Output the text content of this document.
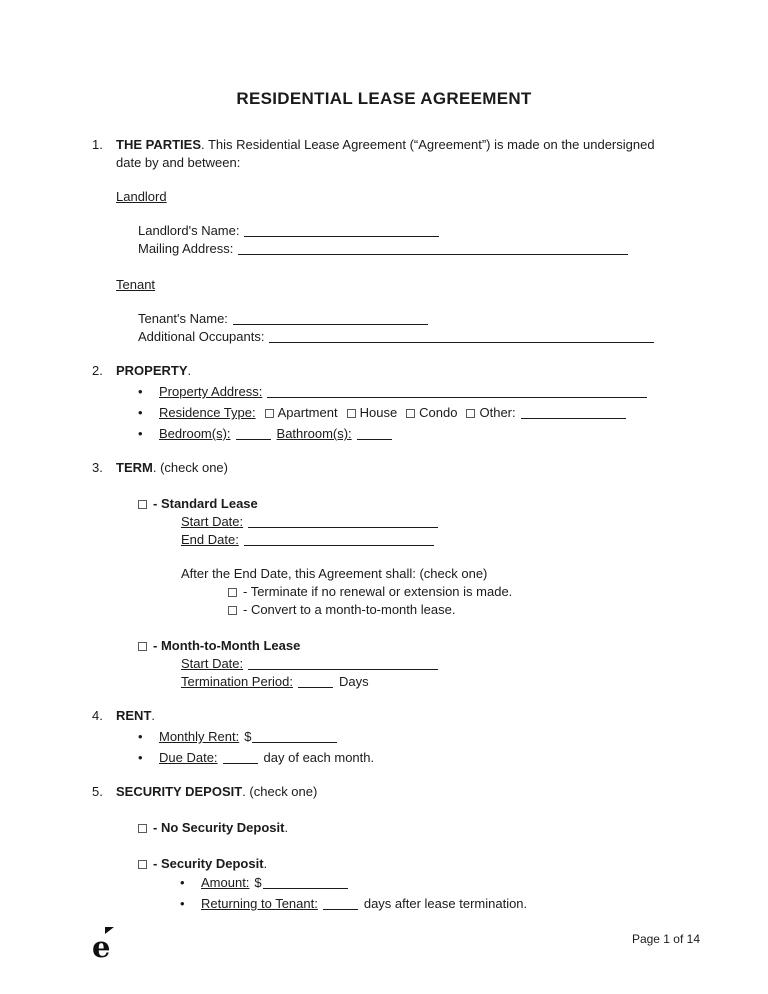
RESIDENTIAL LEASE AGREEMENT
1.	THE PARTIES. This Residential Lease Agreement (“Agreement”) is made on the undersigned date by and between:
Landlord
Landlord's Name:
Mailing Address:
Tenant
Tenant's Name:
Additional Occupants:
2.	PROPERTY.
•	Property Address:
•	Residence Type: Apartment House Condo Other:
•	Bedroom(s):	Bathroom(s):
3.	TERM. (check one)
- Standard Lease
Start Date:
End Date:
After the End Date, this Agreement shall: (check one)
- Terminate if no renewal or extension is made.
- Convert to a month-to-month lease.
- Month-to-Month Lease
Start Date:
Termination Period:	Days
4.	RENT.
•	Monthly Rent: $
•	Due Date:	day of each month.
5.	SECURITY DEPOSIT. (check one)
- No Security Deposit.
- Security Deposit.
•	Amount: $
•	Returning to Tenant:	days after lease termination.
e	Page 1 of 14
